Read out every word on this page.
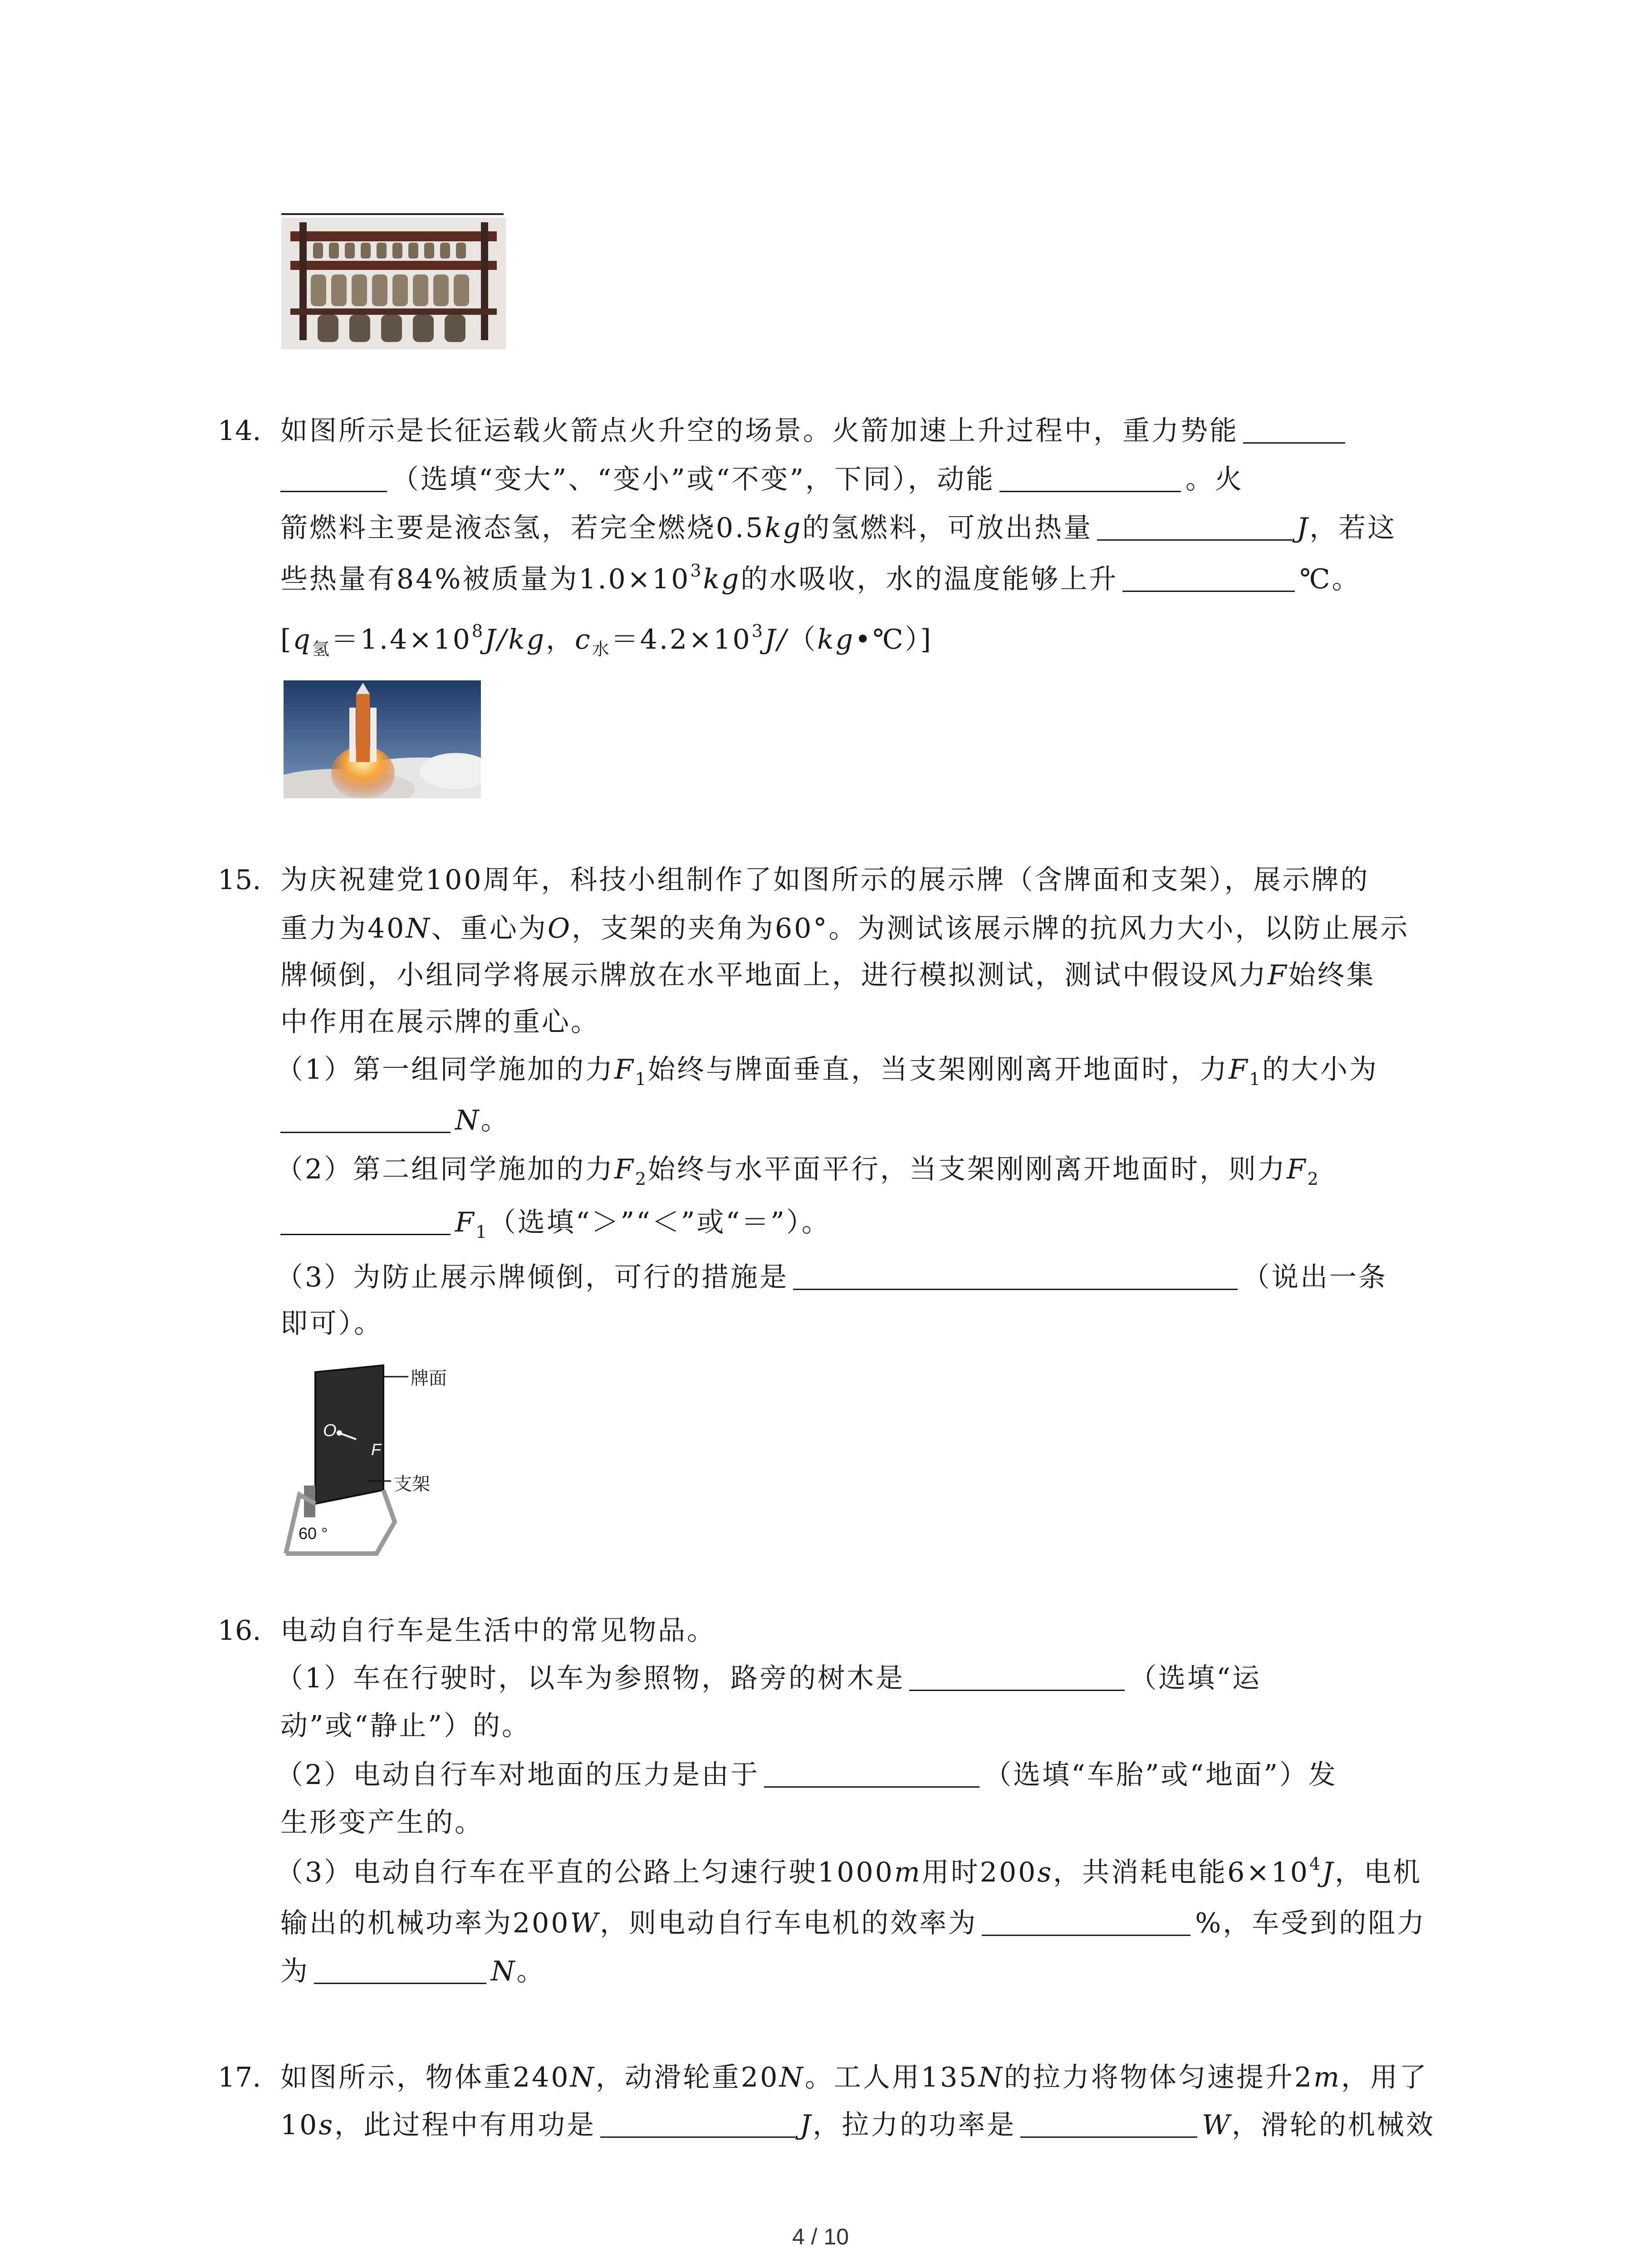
14. 如图所示是长征运载火箭点火升空的场景。火箭加速上升过程中，重力势能
（选填“变大”、“变小”或“不变”，下同），动能	。火
箭燃料主要是液态氢，若完全燃烧0.5kg的氢燃料，可放出热量	J，若这
些热量有84%被质量为$1.0\times 10^3kg$的水吸收，水的温度能够上升	℃。
[$q_氢=1.4\times 10^8J/kg$，$c_水=4.2\times 10^3J/(kg•℃)$]
15. 为庆祝建党100周年，科技小组制作了如图所示的展示牌（含牌面和支架），展示牌的
重力为40N、重心为O，支架的夹角为60°。为测试该展示牌的抗风力大小，以防止展示
牌倾倒，小组同学将展示牌放在水平地面上，进行模拟测试，测试中假设风力F始终集
中作用在展示牌的重心。
（1）第一组同学施加的力$F_1$始终与牌面垂直，当支架刚刚离开地面时，力$F_1$的大小为
N。
（2）第二组同学施加的力$F_2$始终与水平面平行，当支架刚刚离开地面时，则力$F_2$
$F_1$（选填“＞”“＜”或“＝”）。
（3）为防止展示牌倾倒，可行的措施是	（说出一条
即可）。
牌面
O
F
支架
60 °
16. 电动自行车是生活中的常见物品。
（1）车在行驶时，以车为参照物，路旁的树木是	（选填“运
动”或“静止”）的。
（2）电动自行车对地面的压力是由于	（选填“车胎”或“地面”）发
生形变产生的。
（3）电动自行车在平直的公路上匀速行驶1000m用时200s，共消耗电能$6\times 10^4J$，电机
输出的机械功率为200W，则电动自行车电机的效率为	%，车受到的阻力
为	N。
17. 如图所示，物体重240N，动滑轮重20N。工人用135N的拉力将物体匀速提升2m，用了
10s，此过程中有用功是	J，拉力的功率是	W，滑轮的机械效
4 / 10
